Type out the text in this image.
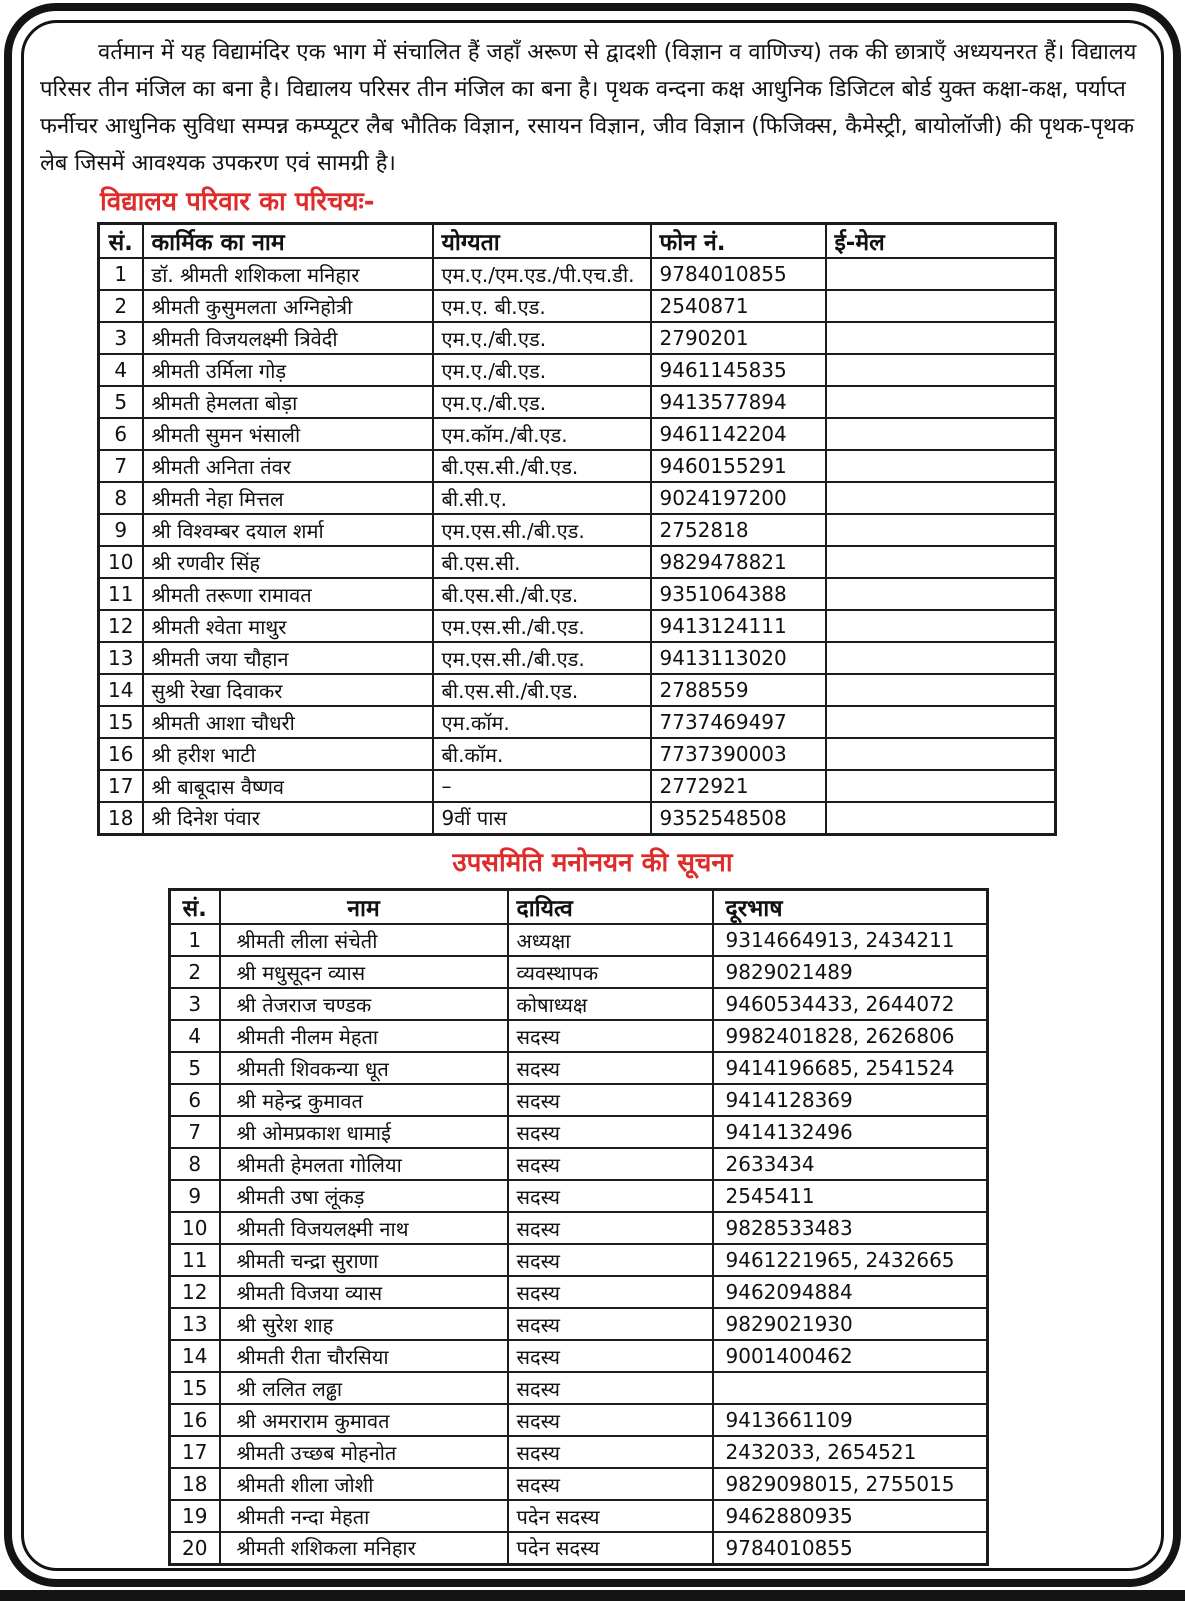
वर्तमान में यह विद्यामंदिर एक भाग में संचालित हैं जहाँ अरूण से द्वादशी (विज्ञान व वाणिज्य) तक की छात्राएँ अध्ययनरत हैं। विद्यालय परिसर तीन मंजिल का बना है। विद्यालय परिसर तीन मंजिल का बना है। पृथक वन्दना कक्ष आधुनिक डिजिटल बोर्ड युक्त कक्षा-कक्ष, पर्याप्त फर्नीचर आधुनिक सुविधा सम्पन्न कम्प्यूटर लैब भौतिक विज्ञान, रसायन विज्ञान, जीव विज्ञान (फिजिक्स, कैमेस्ट्री, बायोलॉजी) की पृथक-पृथक लेब जिसमें आवश्यक उपकरण एवं सामग्री है।

विद्यालय परिवार का परिचयः-
सं.	कार्मिक का नाम	योग्यता	फोन नं.	ई-मेल
1	डॉ. श्रीमती शशिकला मनिहार	एम.ए./एम.एड./पी.एच.डी.	9784010855	
2	श्रीमती कुसुमलता अग्निहोत्री	एम.ए. बी.एड.	2540871	
3	श्रीमती विजयलक्ष्मी त्रिवेदी	एम.ए./बी.एड.	2790201	
4	श्रीमती उर्मिला गोड़	एम.ए./बी.एड.	9461145835	
5	श्रीमती हेमलता बोड़ा	एम.ए./बी.एड.	9413577894	
6	श्रीमती सुमन भंसाली	एम.कॉम./बी.एड.	9461142204	
7	श्रीमती अनिता तंवर	बी.एस.सी./बी.एड.	9460155291	
8	श्रीमती नेहा मित्तल	बी.सी.ए.	9024197200	
9	श्री विश्वम्बर दयाल शर्मा	एम.एस.सी./बी.एड.	2752818	
10	श्री रणवीर सिंह	बी.एस.सी.	9829478821	
11	श्रीमती तरूणा रामावत	बी.एस.सी./बी.एड.	9351064388	
12	श्रीमती श्वेता माथुर	एम.एस.सी./बी.एड.	9413124111	
13	श्रीमती जया चौहान	एम.एस.सी./बी.एड.	9413113020	
14	सुश्री रेखा दिवाकर	बी.एस.सी./बी.एड.	2788559	
15	श्रीमती आशा चौधरी	एम.कॉम.	7737469497	
16	श्री हरीश भाटी	बी.कॉम.	7737390003	
17	श्री बाबूदास वैष्णव	–	2772921	
18	श्री दिनेश पंवार	9वीं पास	9352548508	
उपसमिति मनोनयन की सूचना
सं.	नाम	दायित्व	दूरभाष
1	श्रीमती लीला संचेती	अध्यक्षा	9314664913, 2434211
2	श्री मधुसूदन व्यास	व्यवस्थापक	9829021489
3	श्री तेजराज चण्डक	कोषाध्यक्ष	9460534433, 2644072
4	श्रीमती नीलम मेहता	सदस्य	9982401828, 2626806
5	श्रीमती शिवकन्या धूत	सदस्य	9414196685, 2541524
6	श्री महेन्द्र कुमावत	सदस्य	9414128369
7	श्री ओमप्रकाश धामाई	सदस्य	9414132496
8	श्रीमती हेमलता गोलिया	सदस्य	2633434
9	श्रीमती उषा लूंकड़	सदस्य	2545411
10	श्रीमती विजयलक्ष्मी नाथ	सदस्य	9828533483
11	श्रीमती चन्द्रा सुराणा	सदस्य	9461221965, 2432665
12	श्रीमती विजया व्यास	सदस्य	9462094884
13	श्री सुरेश शाह	सदस्य	9829021930
14	श्रीमती रीता चौरसिया	सदस्य	9001400462
15	श्री ललित लढ्ढा	सदस्य	
16	श्री अमराराम कुमावत	सदस्य	9413661109
17	श्रीमती उच्छब मोहनोत	सदस्य	2432033, 2654521
18	श्रीमती शीला जोशी	सदस्य	9829098015, 2755015
19	श्रीमती नन्दा मेहता	पदेन सदस्य	9462880935
20	श्रीमती शशिकला मनिहार	पदेन सदस्य	9784010855
